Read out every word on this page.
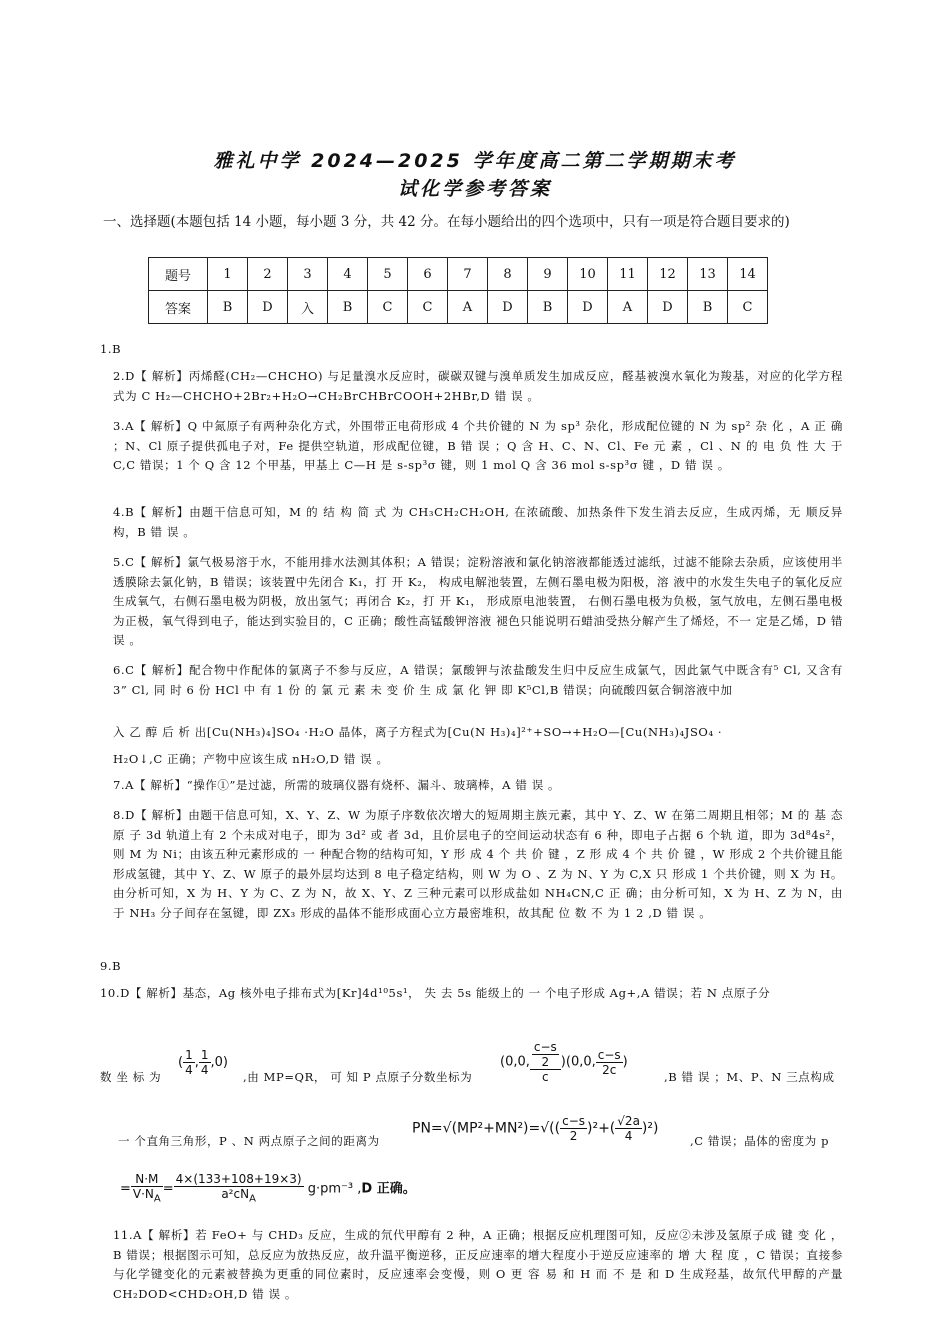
雅礼中学 2024—2025 学年度高二第二学期期末考
试化学参考答案
一、选择题(本题包括 14 小题，每小题 3 分，共 42 分。在每小题给出的四个选项中，只有一项是符合题目要求的)
题号	1	2	3	4	5	6	7	8	9	10	11	12	13	14
答案	B	D	入	B	C	C	A	D	B	D	A	D	B	C
1.B
2.D【 解析】丙烯醛(CH₂—CHCHO) 与足量溴水反应时，碳碳双键与溴单质发生加成反应，醛基被溴水氧化为羧基，对应的化学方程式为 C H₂—CHCHO+2Br₂+H₂O→CH₂BrCHBrCOOH+2HBr,D 错 误 。
3.A【 解析】Q 中氮原子有两种杂化方式，外围带正电荷形成 4 个共价键的 N 为 sp³ 杂化，形成配位键的 N 为 sp² 杂 化 ，A 正 确 ；N、Cl 原子提供孤电子对，Fe 提供空轨道，形成配位键，B 错 误 ；Q 含 H、C、N、Cl、Fe 元 素 ，Cl 、N 的 电 负 性 大 于 C,C 错误；1 个 Q 含 12 个甲基，甲基上 C—H 是 s-sp³σ 键，则 1 mol Q 含 36 mol s-sp³σ 键 ，D 错 误 。
4.B【 解析】由题干信息可知，M 的 结 构 简 式 为 CH₃CH₂CH₂OH, 在浓硫酸、加热条件下发生消去反应，生成丙烯，无 顺反异构，B 错 误 。
5.C【 解析】氯气极易溶于水，不能用排水法测其体积；A 错误；淀粉溶液和氯化钠溶液都能透过滤纸，过滤不能除去杂质，应该使用半透膜除去氯化钠，B 错误；该装置中先闭合 K₁，打 开 K₂， 构成电解池装置，左侧石墨电极为阳极，溶 液中的水发生失电子的氧化反应生成氧气，右侧石墨电极为阴极，放出氢气；再闭合 K₂，打 开 K₁， 形成原电池装置， 右侧石墨电极为负极，氢气放电，左侧石墨电极为正极，氧气得到电子，能达到实验目的，C 正确；酸性高锰酸钾溶液 褪色只能说明石蜡油受热分解产生了烯烃，不一 定是乙烯，D 错 误 。
6.C【 解析】配合物中作配体的氯离子不参与反应，A 错误；氯酸钾与浓盐酸发生归中反应生成氯气，因此氯气中既含有⁵ Cl, 又含有 3” Cl, 同 时 6 份 HCl 中 有 1 份 的 氯 元 素 未 变 价 生 成 氯 化 钾 即 K⁵Cl,B 错误；向硫酸四氨合铜溶液中加
入 乙 醇 后 析 出[Cu(NH₃)₄]SO₄ ·H₂O 晶体，离子方程式为[Cu(N H₃)₄]²⁺+SO→+H₂O—[Cu(NH₃)₄JSO₄ ·
H₂O↓,C 正确；产物中应该生成 nH₂O,D 错 误 。
7.A【 解析】“操作①”是过滤，所需的玻璃仪器有烧杯、漏斗、玻璃棒，A 错 误 。
8.D【 解析】由题干信息可知，X、Y、Z、W 为原子序数依次增大的短周期主族元素，其中 Y、Z、W 在第二周期且相邻；M 的 基 态 原 子 3d 轨道上有 2 个未成对电子，即为 3d² 或 者 3d，且价层电子的空间运动状态有 6 种，即电子占据 6 个轨 道，即为 3d⁸4s²，则 M 为 Ni；由该五种元素形成的 一 种配合物的结构可知，Y 形 成 4 个 共 价 键 ，Z 形 成 4 个 共 价 键 ，W 形成 2 个共价键且能形成氢键，其中 Y、Z、W 原子的最外层均达到 8 电子稳定结构，则 W 为 O 、Z 为 N、Y 为 C,X 只 形成 1 个共价键，则 X 为 H。 由分析可知，X 为 H、Y 为 C、Z 为 N，故 X、Y、Z 三种元素可以形成盐如 NH₄CN,C 正 确；由分析可知，X 为 H、Z 为 N，由 于 NH₃ 分子间存在氢键，即 ZX₃ 形成的晶体不能形成面心立方最密堆积，故其配 位 数 不 为 1 2 ,D 错 误 。
9.B
10.D【 解析】基态，Ag 核外电子排布式为[Kr]4d¹⁰5s¹， 失 去 5s 能级上的 一 个电子形成 Ag+,A 错误；若 N 点原子分
数 坐 标 为
( $\frac{1}{4}$ , $\frac{1}{4} ,0$)
,由 MP=QR， 可 知 P 点原子分数坐标为
(0,0, $\frac{\frac{c-s}{2}}{c} )(0,0$, $\frac{c-s}{2c}$ )
,B 错 误 ；M、P、N 三点构成
一 个直角三角形，P 、N 两点原子之间的距离为
$PN=√(MP^2+MN^2)=√(( \frac{c-s}{2} )^2+( \frac{√2a}{4} )^2)$
,C 错误；晶体的密度为 p
= $\frac{N\cdot M}{V\cdot N_A} = \frac{4\times(133+108+19\times 3)}{a^2cN_A} g\cdot pm^{-3}$ ,D 正确。
11.A【 解析】若 FeO+ 与 CHD₃ 反应，生成的氘代甲醇有 2 种，A 正确；根据反应机理图可知，反应②未涉及氢原子成 键 变 化 ，B 错误；根据图示可知，总反应为放热反应，故升温平衡逆移，正反应速率的增大程度小于逆反应速率的 增 大 程 度 ，C 错误；直接参与化学键变化的元素被替换为更重的同位素时，反应速率会变慢，则 O 更 容 易 和 H 而 不 是 和 D 生成羟基，故氘代甲醇的产量 CH₂DOD<CHD₂OH,D 错 误 。
